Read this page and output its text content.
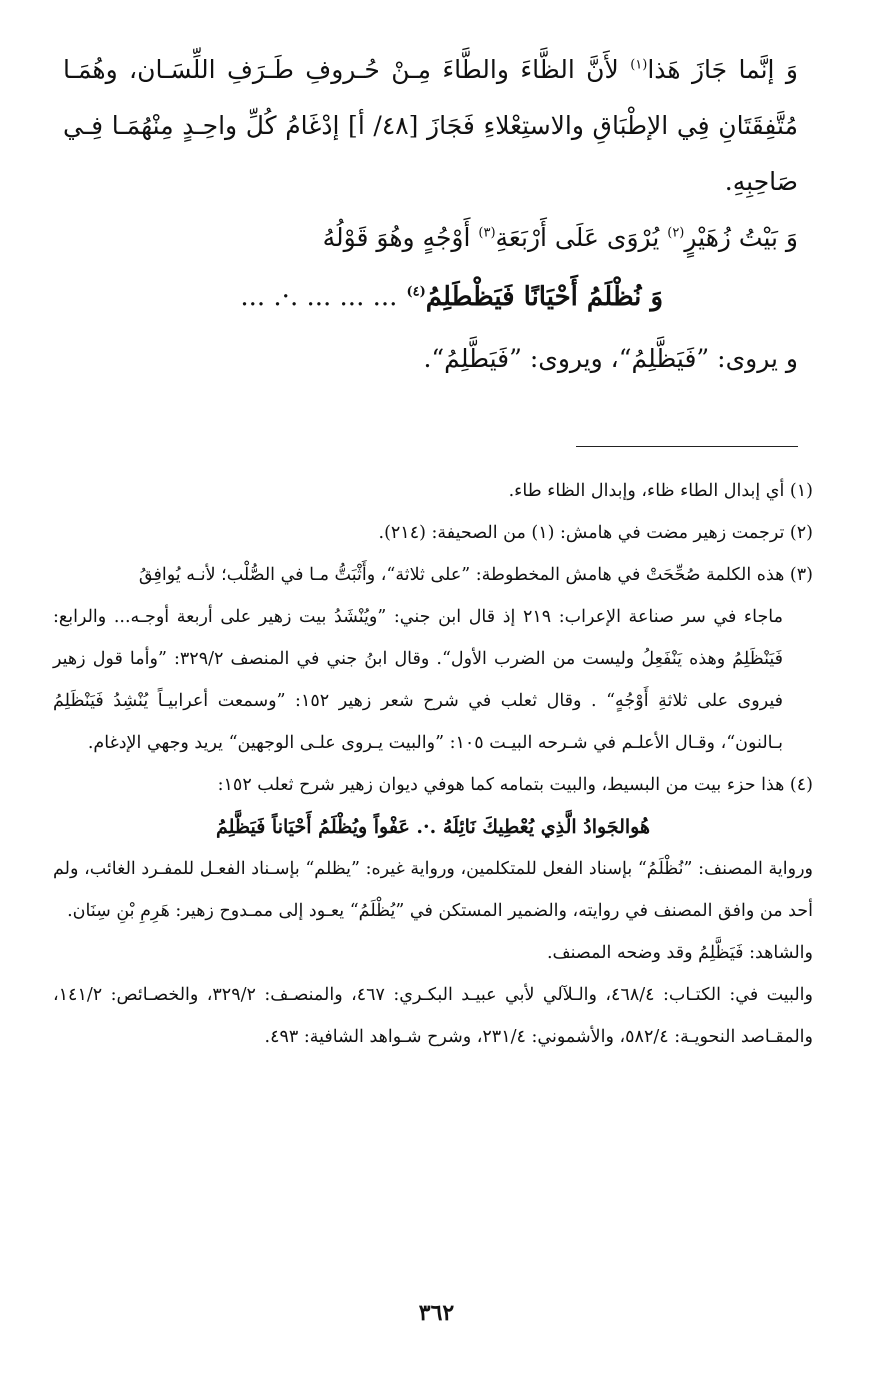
وَ إنَّما جَازَ هَذا$^{(١)}$ لأَنَّ الظَّاءَ والطَّاءَ مِـنْ حُـروفِ طَـرَفِ اللِّسَـان، وهُمَـا مُتَّفِقَتَانِ فِي الإطْبَاقِ والاستِعْلاءِ فَجَازَ [٤٨/ أ] إدْغَامُ كُلِّ واحِـدٍ مِنْهُمَـا فِـي صَاحِبِهِ.

وَ بَيْتُ زُهَيْرٍ$^{(٢)}$ يُرْوَى عَلَى أَرْبَعَةِ$^{(٣)}$ أَوْجُهٍ وهُوَ قَوْلُهُ

وَ نُظْلَمُ أَحْيَانًا فَيَظْطَلِمُ$^{(٤)}$ ... ... ... .·. ...

و يروى: ”فَيَظَّلِمُ“، ويروى: ”فَيَطَّلِمُ“.

(١) أي إبدال الطاء ظاء، وإبدال الظاء طاء.

(٢) ترجمت زهير مضت في هامش: (١) من الصحيفة: (٢١٤).

(٣) هذه الكلمة صُحِّحَتْ في هامش المخطوطة: ”على ثلاثة“، وأَثْبَتُّ مـا في الصُّلْب؛ لأنـه يُوافِقُ
ماجاء في سر صناعة الإعراب: ٢١٩ إذ قال ابن جني: ”ويُنْشَدُ بيت زهير على أربعة أوجـه... والرابع: فَيَنْظَلِمُ وهذه يَنْفَعِلُ وليست من الضرب الأول“. وقال ابنُ جني في المنصف ٣٢٩/٢: ”وأما قول زهير فيروى على ثلاثةِ أَوْجُهٍ“ . وقال ثعلب في شرح شعر زهير ١٥٢: ”وسمعت أعرابيـاً يُنْشِدُ فَيَنْظَلِمُ بـالنون“، وقـال الأعلـم في شـرحه البيـت ١٠٥: ”والبيت يـروى علـى الوجهين“ يريد وجهي الإدغام.

(٤) هذا حزء بيت من البسيط، والبيت بتمامه كما هوفي ديوان زهير شرح ثعلب ١٥٢:

هُوالجَوادُ الَّذِي يُعْطِيكَ نَائِلَهُ .·. عَفْواً ويُظْلَمُ أَحْيَاناً فَيَظَّلِمُ

ورواية المصنف: ”نُظْلَمُ“ بإسناد الفعل للمتكلمين، ورواية غيره: ”يظلم“ بإسـناد الفعـل للمفـرد الغائب، ولم أحد من وافق المصنف في روايته، والضمير المستكن في ”يُظْلَمُ“ يعـود إلى ممـدوح زهير: هَرِمِ بْنِ سِنَان.

والشاهد: فَيَظَّلِمُ وقد وضحه المصنف.

والبيت في: الكتـاب: ٤٦٨/٤، والـلآلي لأبي عبيـد البكـري: ٤٦٧، والمنصـف: ٣٢٩/٢، والخصـائص: ١٤١/٢، والمقـاصد النحويـة: ٥٨٢/٤، والأشموني: ٢٣١/٤، وشرح شـواهد الشافية: ٤٩٣.

٣٦٢
